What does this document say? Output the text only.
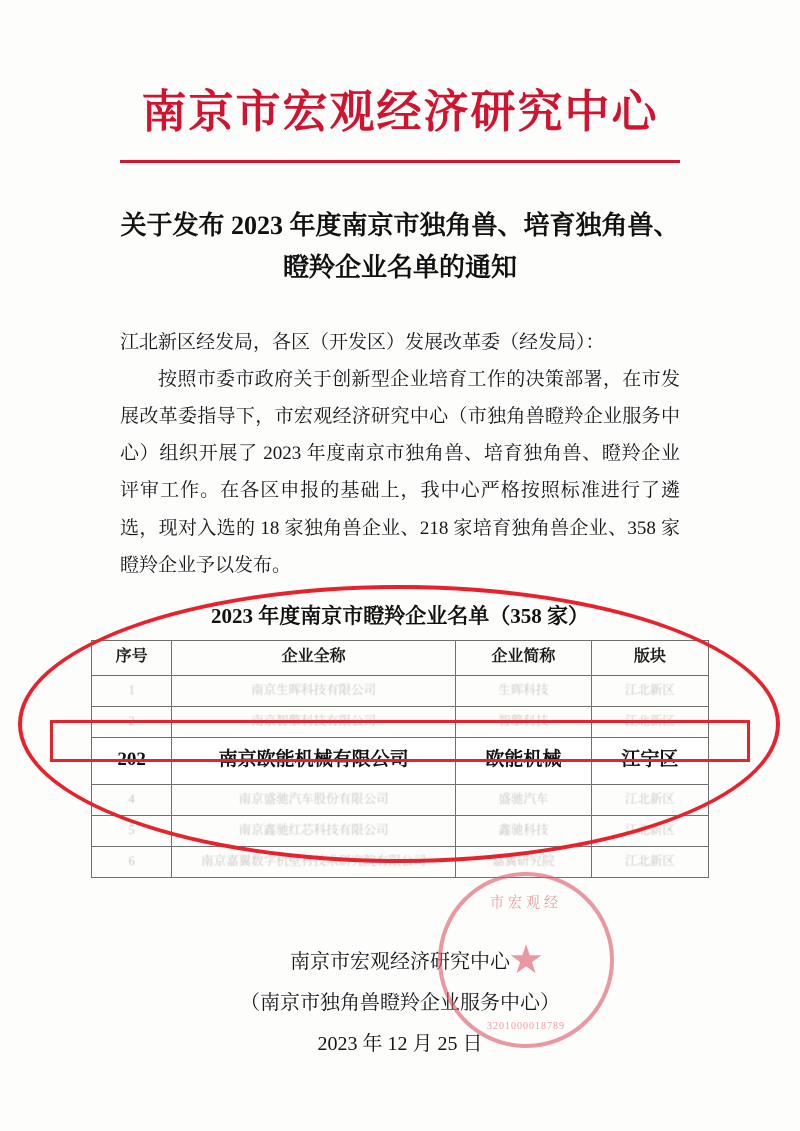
南京市宏观经济研究中心
关于发布 2023 年度南京市独角兽、培育独角兽、
瞪羚企业名单的通知

江北新区经发局，各区（开发区）发展改革委（经发局）：

按照市委市政府关于创新型企业培育工作的决策部署，在市发展改革委指导下，市宏观经济研究中心（市独角兽瞪羚企业服务中心）组织开展了 2023 年度南京市独角兽、培育独角兽、瞪羚企业评审工作。在各区申报的基础上，我中心严格按照标准进行了遴选，现对入选的 18 家独角兽企业、218 家培育独角兽企业、358 家瞪羚企业予以发布。

2023 年度南京市瞪羚企业名单（358 家）
序号	企业全称	企业简称	版块
1	南京生晖科技有限公司	生晖科技	江北新区
2	南京智擎科技有限公司	智擎科技	江北新区
202	南京欧能机械有限公司	欧能机械	江宁区
4	南京盛驰汽车股份有限公司	盛驰汽车	江北新区
5	南京鑫驰红芯科技有限公司	鑫驰科技	江北新区
6	南京嘉翼数字机壁材技术研究院有限公司	嘉翼研究院	江北新区
南京市宏观经济研究中心
（南京市独角兽瞪羚企业服务中心）
2023 年 12 月 25 日
市宏观经
★
3201000018789
